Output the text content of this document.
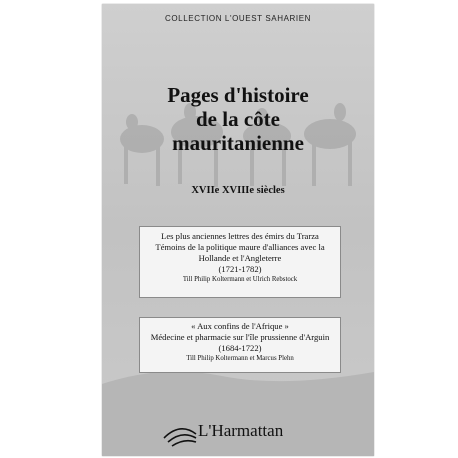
COLLECTION L'OUEST SAHARIEN
Pages d'histoire
de la côte
mauritanienne
XVIIe XVIIIe siècles
Les plus anciennes lettres des émirs du Trarza
Témoins de la politique maure d'alliances avec la
Hollande et l'Angleterre
(1721-1782)
Till Philip Koltermann et Ulrich Rebstock
« Aux confins de l'Afrique »
Médecine et pharmacie sur l'île prussienne d'Arguin
(1684-1722)
Till Philip Koltermann et Marcus Plehn
L'Harmattan
